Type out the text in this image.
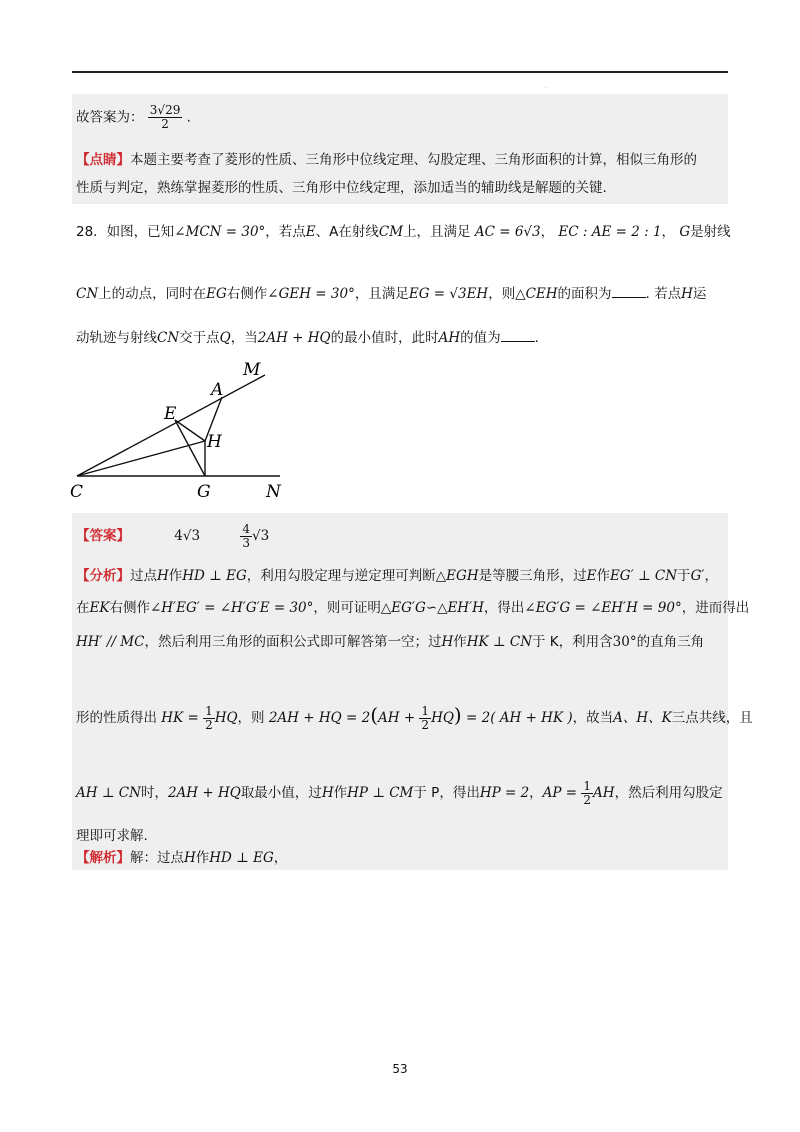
.
故答案为： $\frac{3√29}{2}$ .
【点睛】本题主要考查了菱形的性质、三角形中位线定理、勾股定理、三角形面积的计算，相似三角形的
性质与判定，熟练掌握菱形的性质、三角形中位线定理，添加适当的辅助线是解题的关键.
28．如图，已知∠MCN = 30°，若点E、A在射线CM上，且满足 AC = 6√3， EC : AE = 2 : 1， G是射线
CN上的动点，同时在EG右侧作∠GEH = 30°，且满足EG = √3EH，则△CEH的面积为	. 若点H运
动轨迹与射线CN交于点Q，当2AH + HQ的最小值时，此时AH的值为	.
M
A
E
H
C	G	N
【答案】	4√3	$\frac{4}{3} √3$
【分析】过点H作HD ⊥ EG，利用勾股定理与逆定理可判断△EGH是等腰三角形，过E作EG′ ⊥ CN于G′，
在EK右侧作∠H′EG′ = ∠H′G′E = 30°，则可证明△EG′G∽△EH′H，得出∠EG′G = ∠EH′H = 90°，进而得出
HH′ // MC，然后利用三角形的面积公式即可解答第一空；过H作HK ⊥ CN于 K，利用含30°的直角三角
形的性质得出 HK = $\frac{1}{2}$ HQ，则 2AH + HQ = $2(AH + \frac{1}{2} HQ) = 2$( AH + HK )，故当A、H、K三点共线，且
AH ⊥ CN时，2AH + HQ取最小值，过H作HP ⊥ CM于 P，得出HP = 2，AP = $\frac{1}{2}$ AH，然后利用勾股定
理即可求解.
【解析】解：过点H作HD ⊥ EG，
53
